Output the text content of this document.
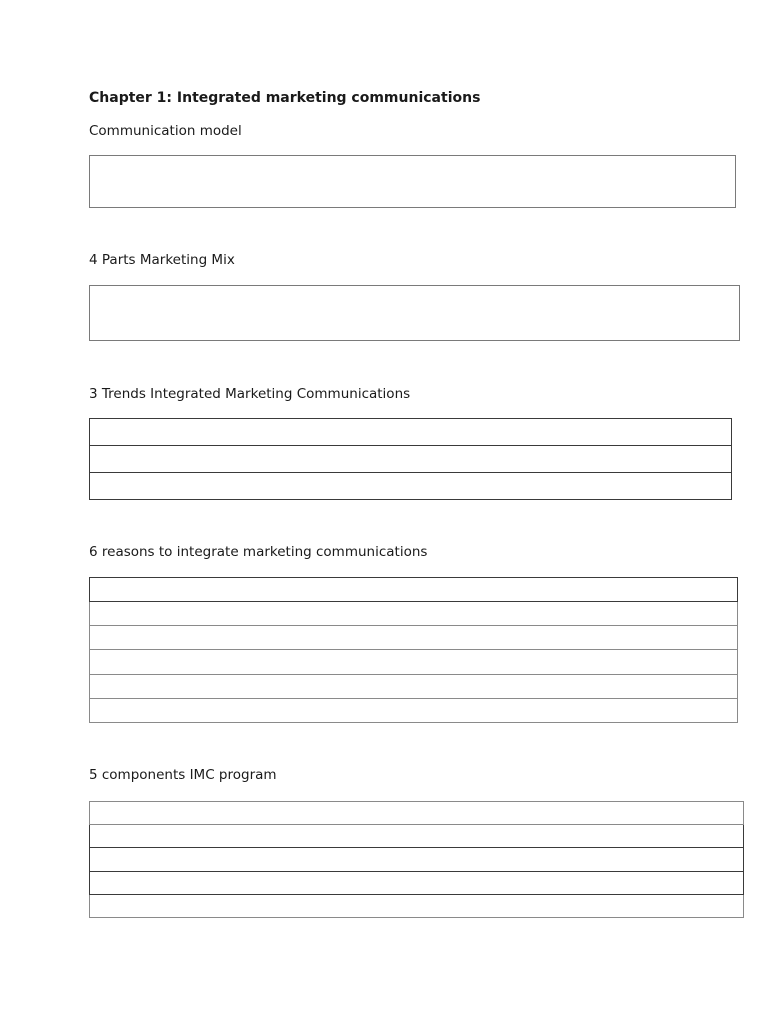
Chapter 1: Integrated marketing communications
Communication model
4 Parts Marketing Mix
3 Trends Integrated Marketing Communications

6 reasons to integrate marketing communications

5 components IMC program
